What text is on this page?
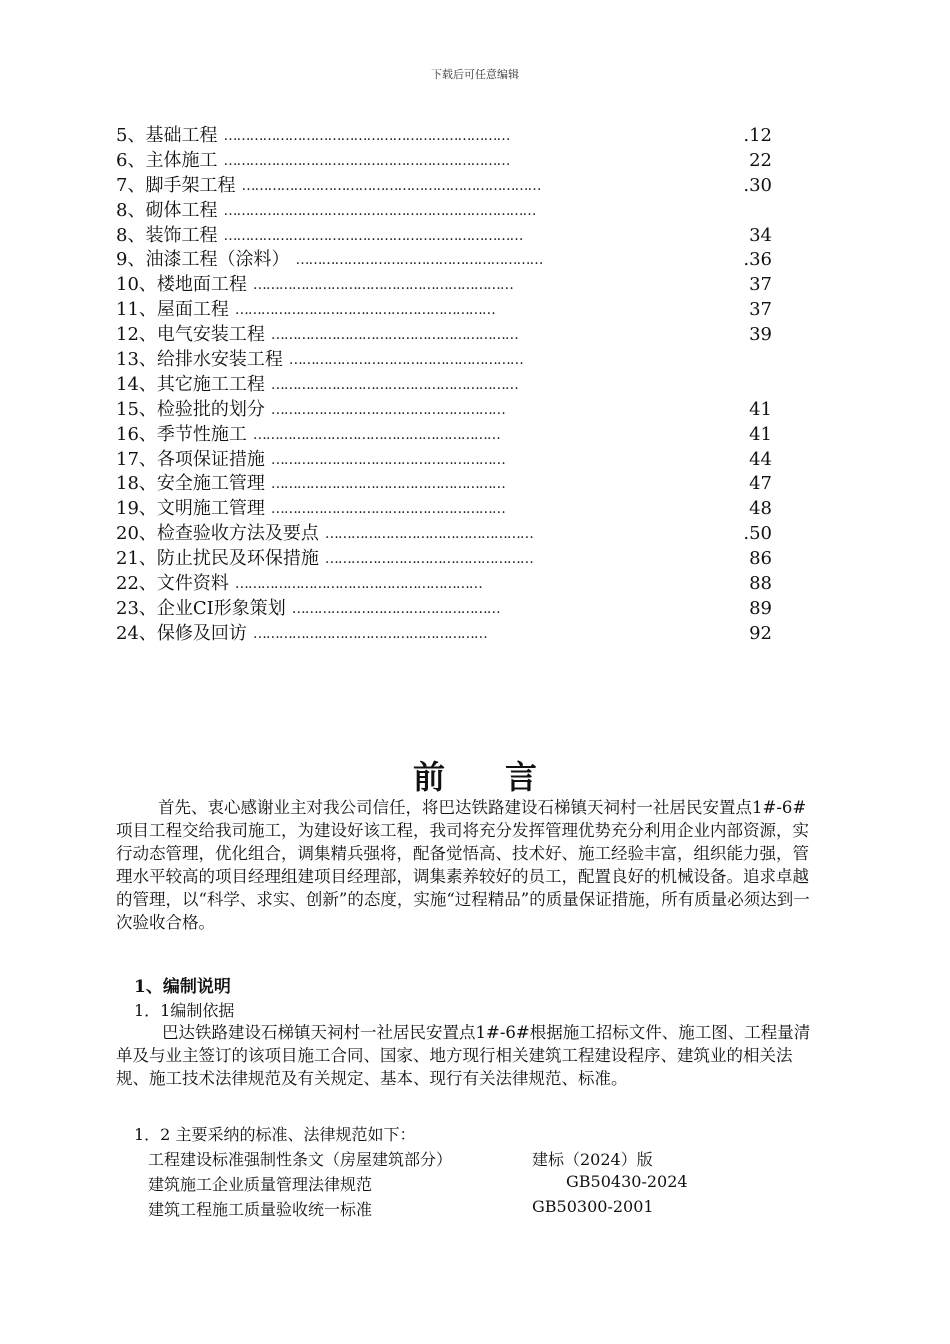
下载后可任意编辑
5、基础工程 …………………………………………………………	.12
6、主体施工 …………………………………………………………	22
7、脚手架工程 ……………………………………………………………	.30
8、砌体工程 ………………………………………………………………
8、装饰工程 ……………………………………………………………	34
9、油漆工程（涂料） …………………………………………………	.36
10、楼地面工程 ……………………………………………………	37
11、屋面工程 ……………………………………………………	37
12、电气安装工程 …………………………………………………	39
13、给排水安装工程 ………………………………………………
14、其它施工工程 …………………………………………………
15、检验批的划分 ………………………………………………	41
16、季节性施工 …………………………………………………	41
17、各项保证措施 ………………………………………………	44
18、安全施工管理 ………………………………………………	47
19、文明施工管理 ………………………………………………	48
20、检查验收方法及要点 …………………………………………	.50
21、防止扰民及环保措施 …………………………………………	86
22、文件资料 …………………………………………………	88
23、企业CI形象策划 …………………………………………	89
24、保修及回访 ………………………………………………	92
前言
首先、衷心感谢业主对我公司信任，将巴达铁路建设石梯镇天祠村一社居民安置点1#-6#项目工程交给我司施工，为建设好该工程，我司将充分发挥管理优势充分利用企业内部资源，实行动态管理，优化组合，调集精兵强将，配备觉悟高、技术好、施工经验丰富，组织能力强，管理水平较高的项目经理组建项目经理部，调集素养较好的员工，配置良好的机械设备。追求卓越的管理，以“科学、求实、创新”的态度，实施“过程精品”的质量保证措施，所有质量必须达到一次验收合格。
1、编制说明
1．1编制依据
巴达铁路建设石梯镇天祠村一社居民安置点1#-6#根据施工招标文件、施工图、工程量清单及与业主签订的该项目施工合同、国家、地方现行相关建筑工程建设程序、建筑业的相关法规、施工技术法律规范及有关规定、基本、现行有关法律规范、标准。
1．2 主要采纳的标准、法律规范如下：
工程建设标准强制性条文（房屋建筑部分）	建标（2024）版
建筑施工企业质量管理法律规范	GB50430-2024
建筑工程施工质量验收统一标准	GB50300-2001
